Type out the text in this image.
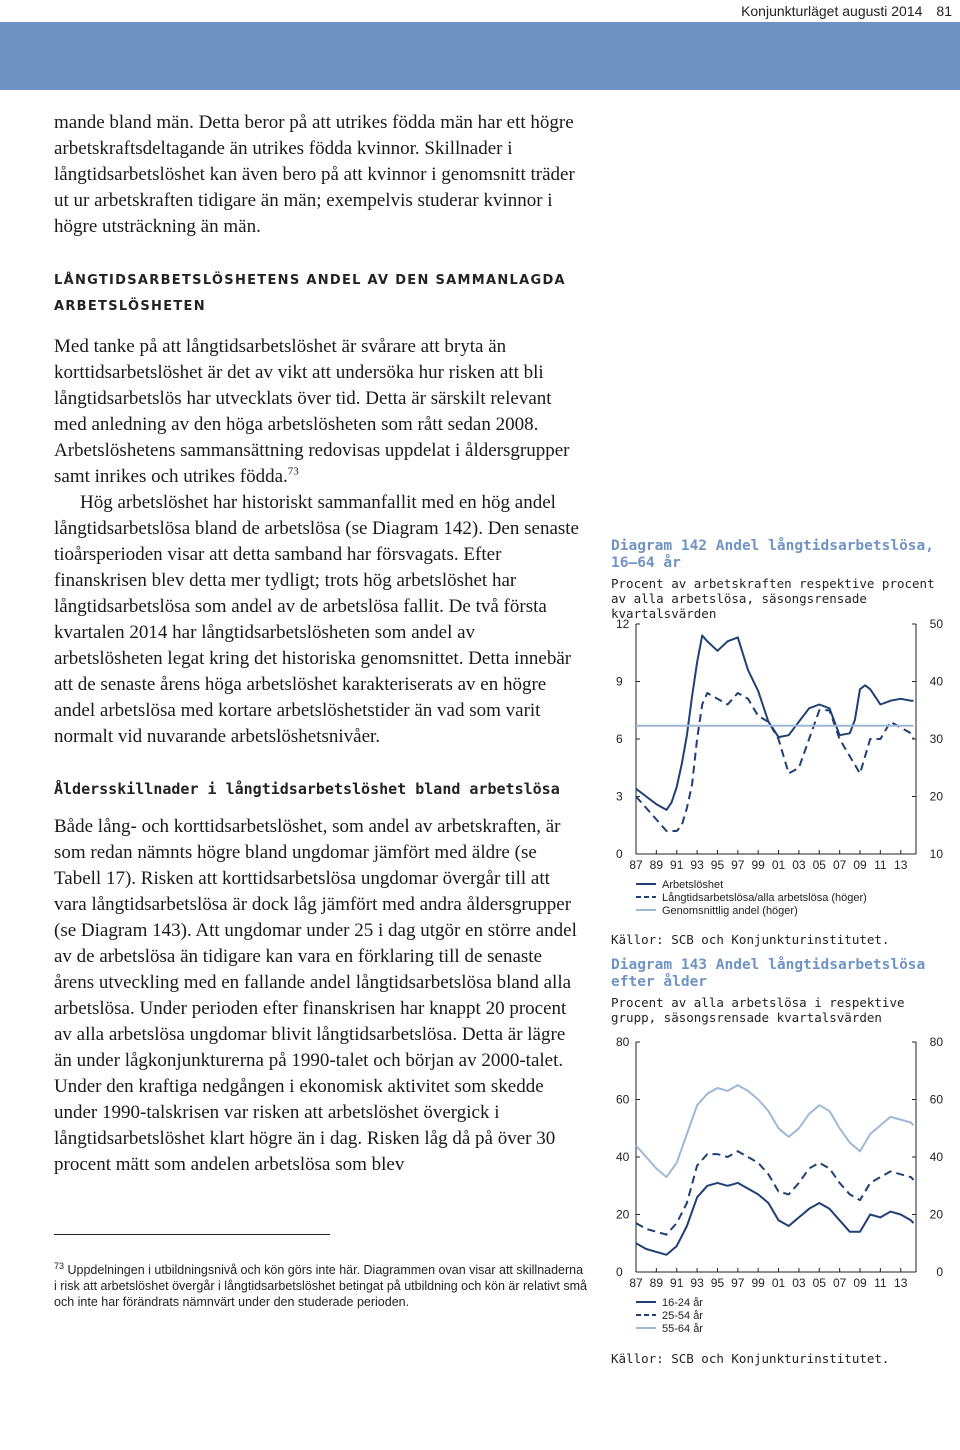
Konjunkturläget augusti 2014 81

mande bland män. Detta beror på att utrikes födda män har ett högre arbetskraftsdeltagande än utrikes födda kvinnor. Skillnader i långtidsarbetslöshet kan även bero på att kvinnor i genomsnitt träder ut ur arbetskraften tidigare än män; exempelvis studerar kvinnor i högre utsträckning än män.

LÅNGTIDSARBETSLÖSHETENS ANDEL AV DEN SAMMANLAGDA ARBETSLÖSHETEN

Med tanke på att långtidsarbetslöshet är svårare att bryta än korttidsarbetslöshet är det av vikt att undersöka hur risken att bli långtidsarbetslös har utvecklats över tid. Detta är särskilt relevant med anledning av den höga arbetslösheten som rått sedan 2008. Arbetslöshetens sammansättning redovisas uppdelat i åldersgrupper samt inrikes och utrikes födda.$^{73}$

Hög arbetslöshet har historiskt sammanfallit med en hög andel långtidsarbetslösa bland de arbetslösa (se Diagram 142). Den senaste tioårsperioden visar att detta samband har försvagats. Efter finanskrisen blev detta mer tydligt; trots hög arbetslöshet har långtidsarbetslösa som andel av de arbetslösa fallit. De två första kvartalen 2014 har långtidsarbetslösheten som andel av arbetslösheten legat kring det historiska genomsnittet. Detta innebär att de senaste årens höga arbetslöshet karakteriserats av en högre andel arbetslösa med kortare arbetslöshetstider än vad som varit normalt vid nuvarande arbetslöshetsnivåer.

Åldersskillnader i långtidsarbetslöshet bland arbetslösa

Både lång- och korttidsarbetslöshet, som andel av arbetskraften, är som redan nämnts högre bland ungdomar jämfört med äldre (se Tabell 17). Risken att korttidsarbetslösa ungdomar övergår till att vara långtidsarbetslösa är dock låg jämfört med andra åldersgrupper (se Diagram 143). Att ungdomar under 25 i dag utgör en större andel av de arbetslösa än tidigare kan vara en förklaring till de senaste årens utveckling med en fallande andel långtidsarbetslösa bland alla arbetslösa. Under perioden efter finanskrisen har knappt 20 procent av alla arbetslösa ungdomar blivit långtidsarbetslösa. Detta är lägre än under lågkonjunkturerna på 1990-talet och början av 2000-talet. Under den kraftiga nedgången i ekonomisk aktivitet som skedde under 1990-talskrisen var risken att arbetslöshet övergick i långtidsarbetslöshet klart högre än i dag. Risken låg då på över 30 procent mätt som andelen arbetslösa som blev

$^{73}$ Uppdelningen i utbildningsnivå och kön görs inte här. Diagrammen ovan visar att skillnaderna i risk att arbetslöshet övergår i långtidsarbetslöshet betingat på utbildning och kön är relativt små och inte har förändrats nämnvärt under den studerade perioden.

Diagram 142 Andel långtidsarbetslösa, 16–64 år

Procent av arbetskraften respektive procent av alla arbetslösa, säsongsrensade kvartalsvärden

0
3
6
9
12
10
20
30
40
50
87 89 91 93 95 97 99 01 03 05 07 09 11 13
Arbetslöshet
Långtidsarbetslösa/alla arbetslösa (höger)
Genomsnittlig andel (höger)

Källor: SCB och Konjunkturinstitutet.

Diagram 143 Andel långtidsarbetslösa efter ålder

Procent av alla arbetslösa i respektive grupp, säsongsrensade kvartalsvärden

0
20
40
60
80
0
20
40
60
80
87 89 91 93 95 97 99 01 03 05 07 09 11 13
16-24 år
25-54 år
55-64 år

Källor: SCB och Konjunkturinstitutet.
